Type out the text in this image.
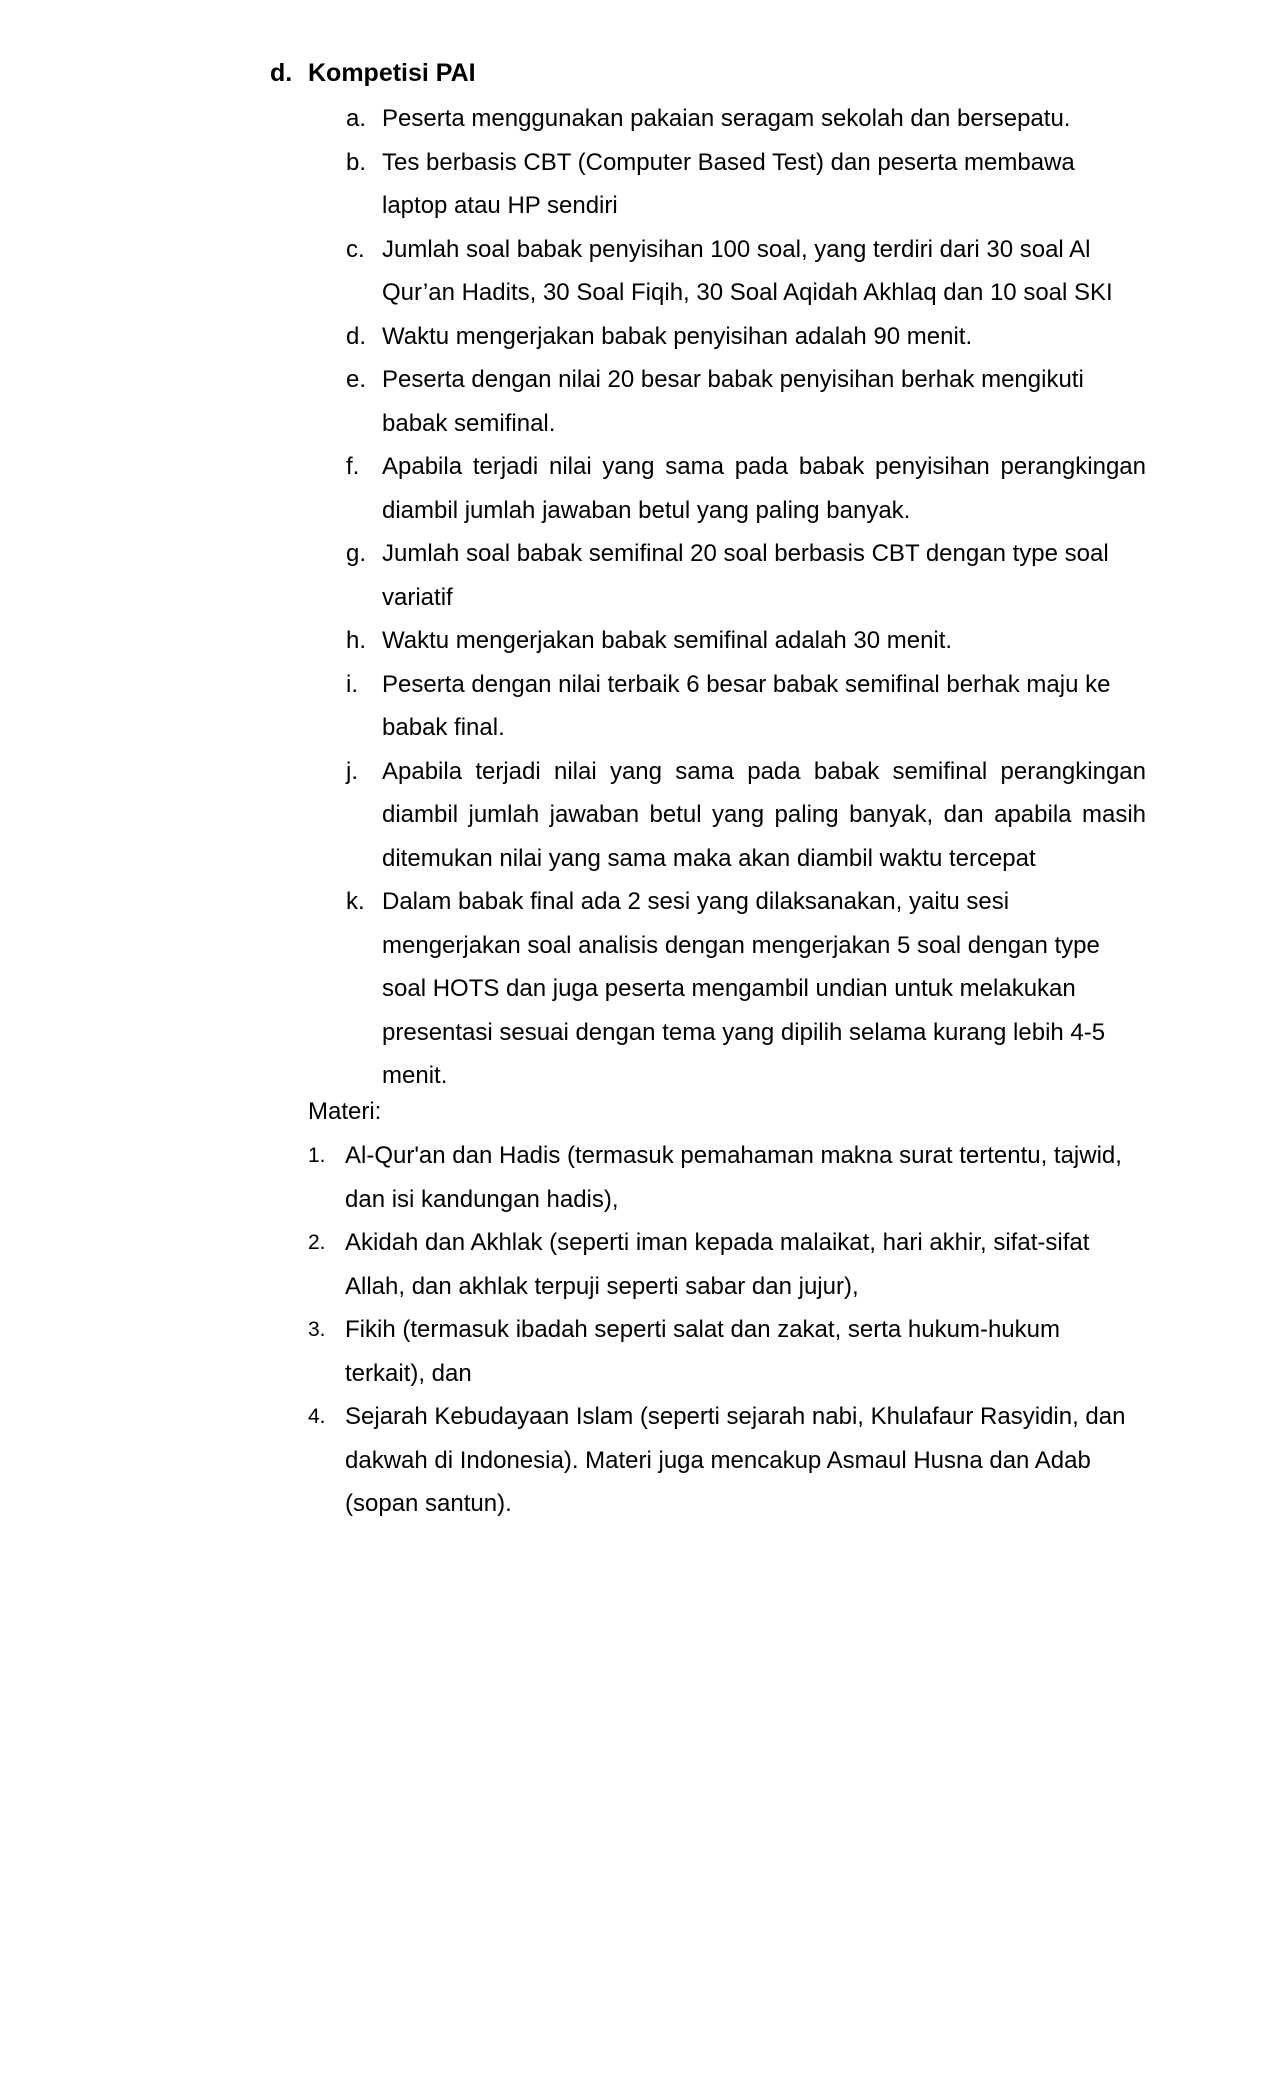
d. Kompetisi PAI
a. Peserta menggunakan pakaian seragam sekolah dan bersepatu.
b. Tes berbasis CBT (Computer Based Test) dan peserta membawa laptop atau HP sendiri
c. Jumlah soal babak penyisihan 100 soal, yang terdiri dari 30 soal Al Qur’an Hadits, 30 Soal Fiqih, 30 Soal Aqidah Akhlaq dan 10 soal SKI
d. Waktu mengerjakan babak penyisihan adalah 90 menit.
e. Peserta dengan nilai 20 besar babak penyisihan berhak mengikuti babak semifinal.
f. Apabila terjadi nilai yang sama pada babak penyisihan perangkingan diambil jumlah jawaban betul yang paling banyak.
g. Jumlah soal babak semifinal 20 soal berbasis CBT dengan type soal variatif
h. Waktu mengerjakan babak semifinal adalah 30 menit.
i.	Peserta dengan nilai terbaik 6 besar babak semifinal berhak maju ke babak final.
j.	Apabila terjadi nilai yang sama pada babak semifinal perangkingan diambil jumlah jawaban betul yang paling banyak, dan apabila masih ditemukan nilai yang sama maka akan diambil waktu tercepat
k. Dalam babak final ada 2 sesi yang dilaksanakan, yaitu sesi mengerjakan soal analisis dengan mengerjakan 5 soal dengan type soal HOTS dan juga peserta mengambil undian untuk melakukan presentasi sesuai dengan tema yang dipilih selama kurang lebih 4-5 menit.
Materi:
1. Al-Qur'an dan Hadis (termasuk pemahaman makna surat tertentu, tajwid, dan isi kandungan hadis),
2. Akidah dan Akhlak (seperti iman kepada malaikat, hari akhir, sifat-sifat Allah, dan akhlak terpuji seperti sabar dan jujur),
3. Fikih (termasuk ibadah seperti salat dan zakat, serta hukum-hukum terkait), dan
4. Sejarah Kebudayaan Islam (seperti sejarah nabi, Khulafaur Rasyidin, dan dakwah di Indonesia). Materi juga mencakup Asmaul Husna dan Adab (sopan santun).
